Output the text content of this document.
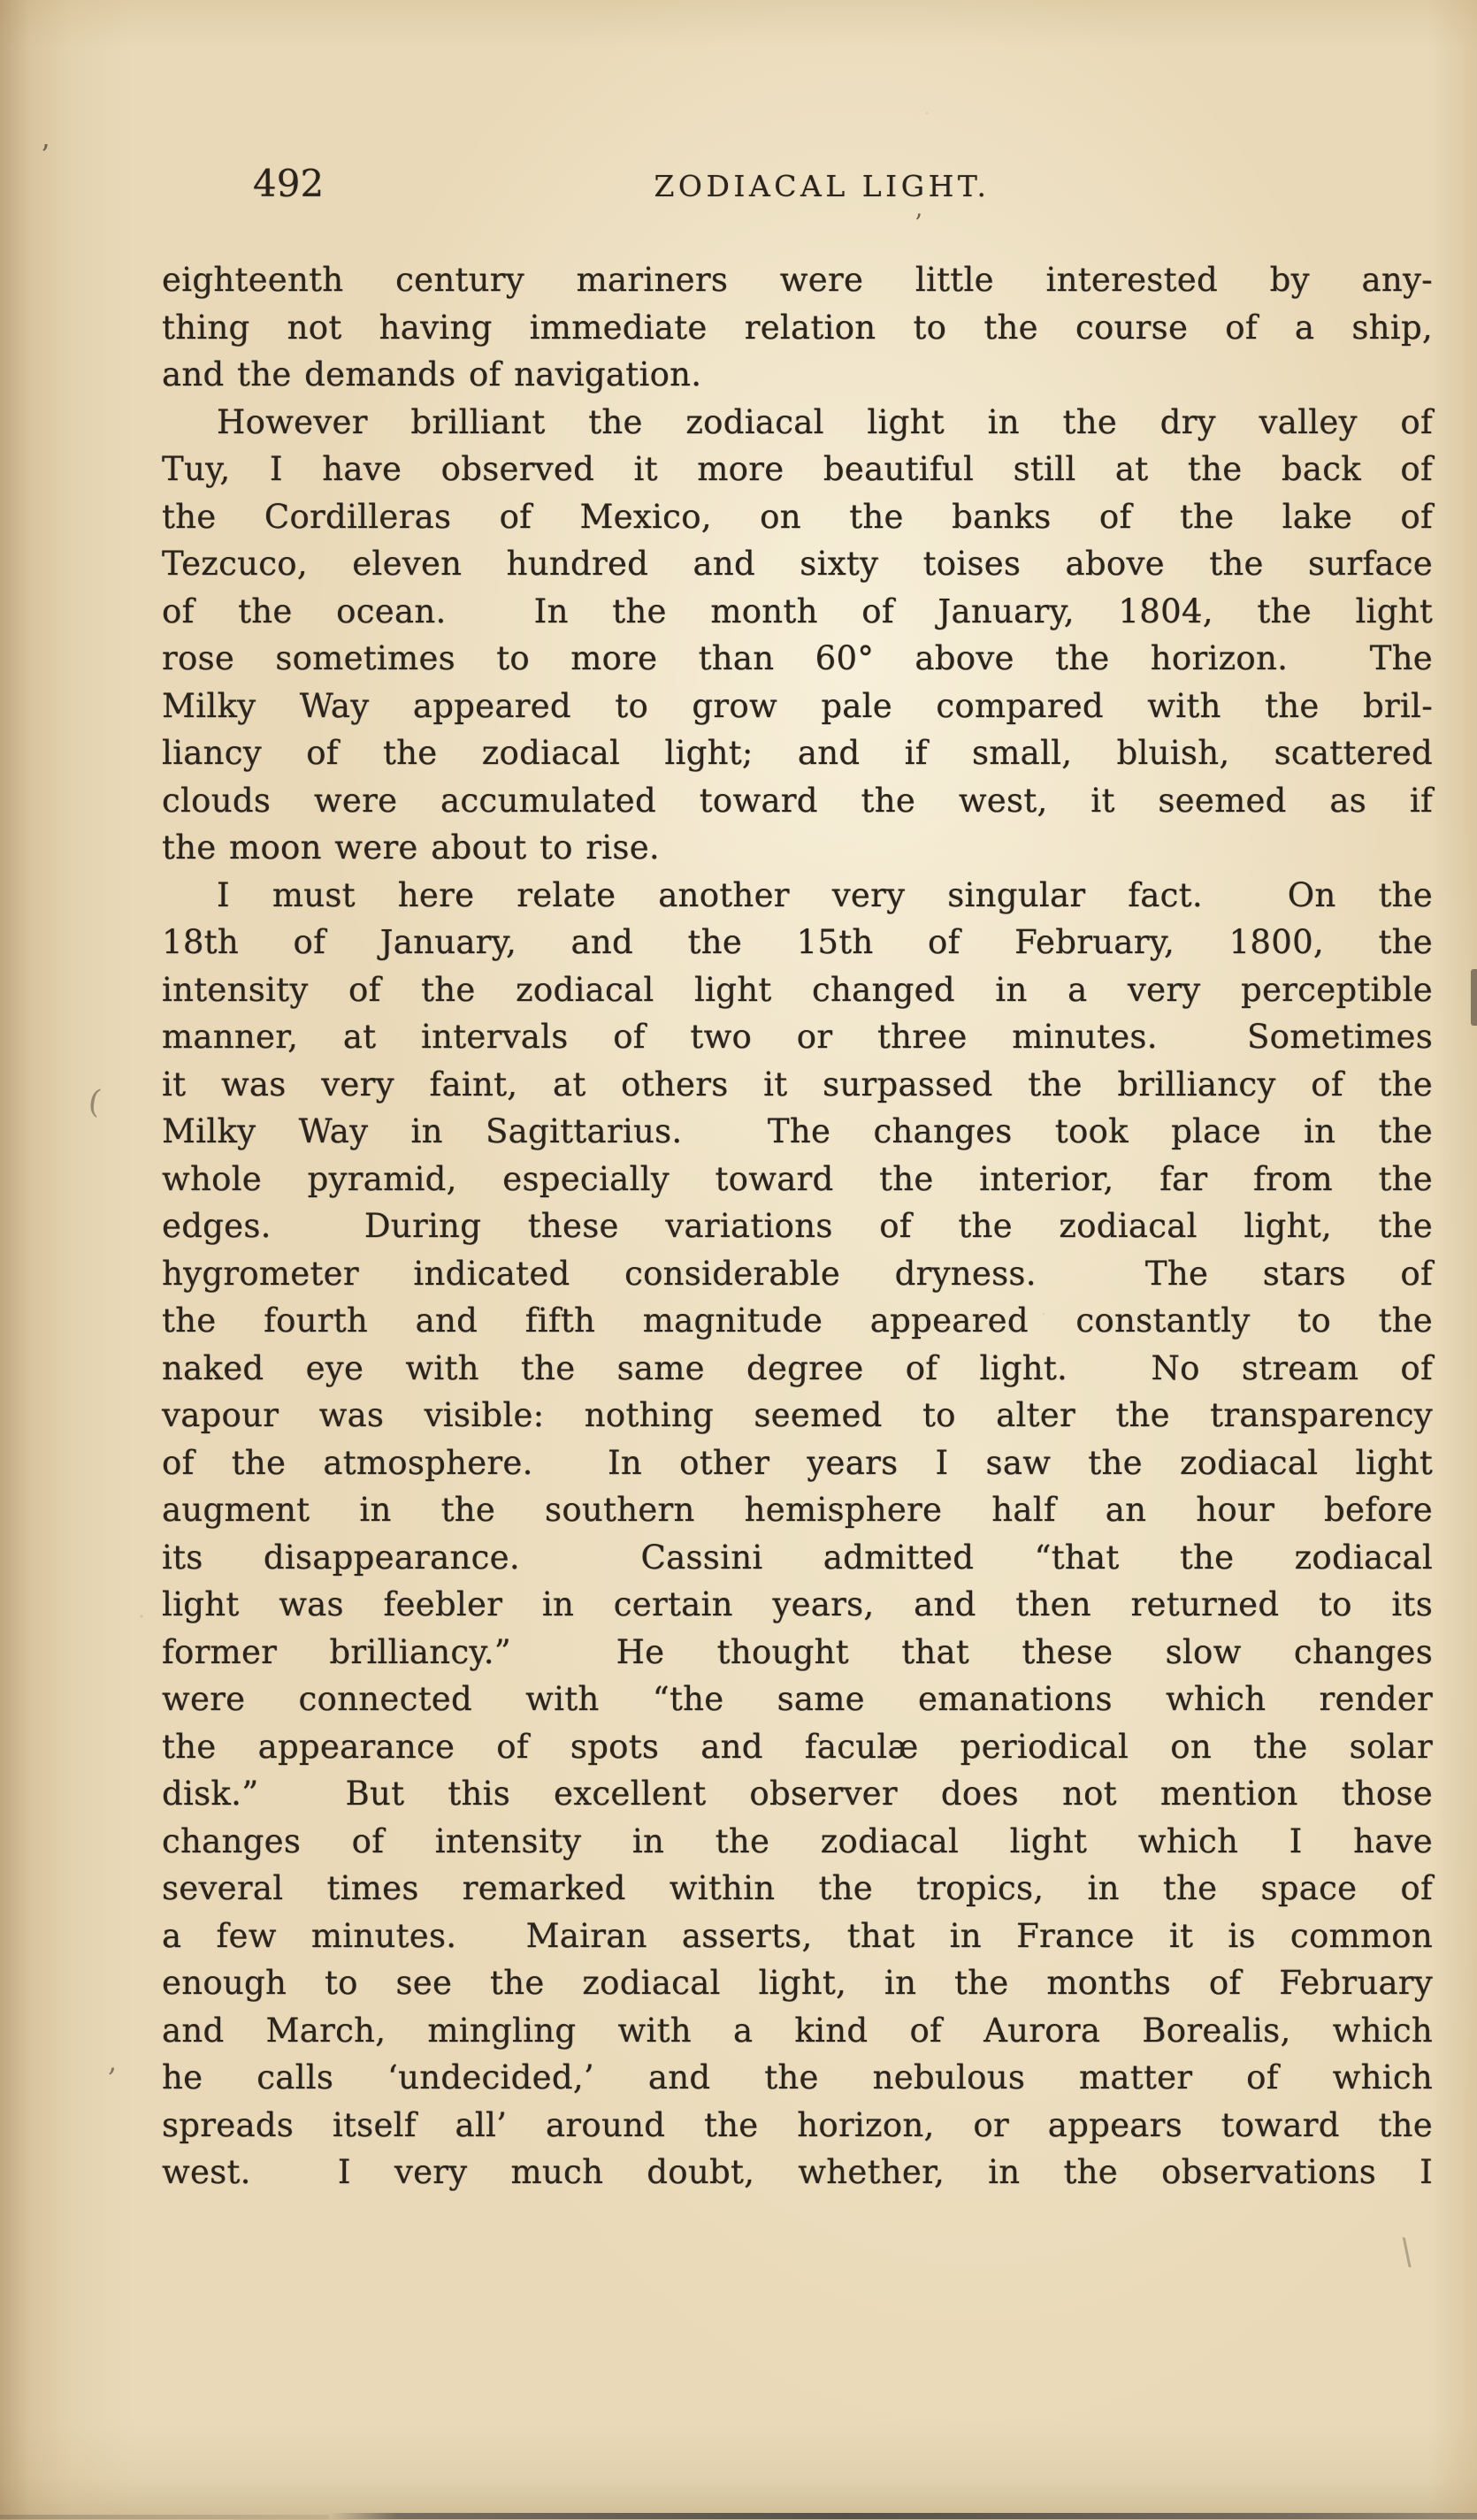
492	ZODIACAL LIGHT.
eighteenth century mariners were little interested by any-
thing not having immediate relation to the course of a ship,
and the demands of navigation.
However brilliant the zodiacal light in the dry valley of
Tuy, I have observed it more beautiful still at the back of
the Cordilleras of Mexico, on the banks of the lake of
Tezcuco, eleven hundred and sixty toises above the surface
of the ocean.  In the month of January, 1804, the light
rose sometimes to more than 60° above the horizon.  The
Milky Way appeared to grow pale compared with the bril-
liancy of the zodiacal light; and if small, bluish, scattered
clouds were accumulated toward the west, it seemed as if
the moon were about to rise.
I must here relate another very singular fact.  On the
18th of January, and the 15th of February, 1800, the
intensity of the zodiacal light changed in a very perceptible
manner, at intervals of two or three minutes.  Sometimes
it was very faint, at others it surpassed the brilliancy of the
Milky Way in Sagittarius.  The changes took place in the
whole pyramid, especially toward the interior, far from the
edges.  During these variations of the zodiacal light, the
hygrometer indicated considerable dryness.  The stars of
the fourth and fifth magnitude appeared constantly to the
naked eye with the same degree of light.  No stream of
vapour was visible: nothing seemed to alter the transparency
of the atmosphere.  In other years I saw the zodiacal light
augment in the southern hemisphere half an hour before
its disappearance.  Cassini admitted “that the zodiacal
light was feebler in certain years, and then returned to its
former brilliancy.”  He thought that these slow changes
were connected with “the same emanations which render
the appearance of spots and faculæ periodical on the solar
disk.”  But this excellent observer does not mention those
changes of intensity in the zodiacal light which I have
several times remarked within the tropics, in the space of
a few minutes.  Mairan asserts, that in France it is common
enough to see the zodiacal light, in the months of February
and March, mingling with a kind of Aurora Borealis, which
he calls ‘undecided,’ and the nebulous matter of which
spreads itself all’ around the horizon, or appears toward the
west.  I very much doubt, whether, in the observations I
’
’
(
,
\
